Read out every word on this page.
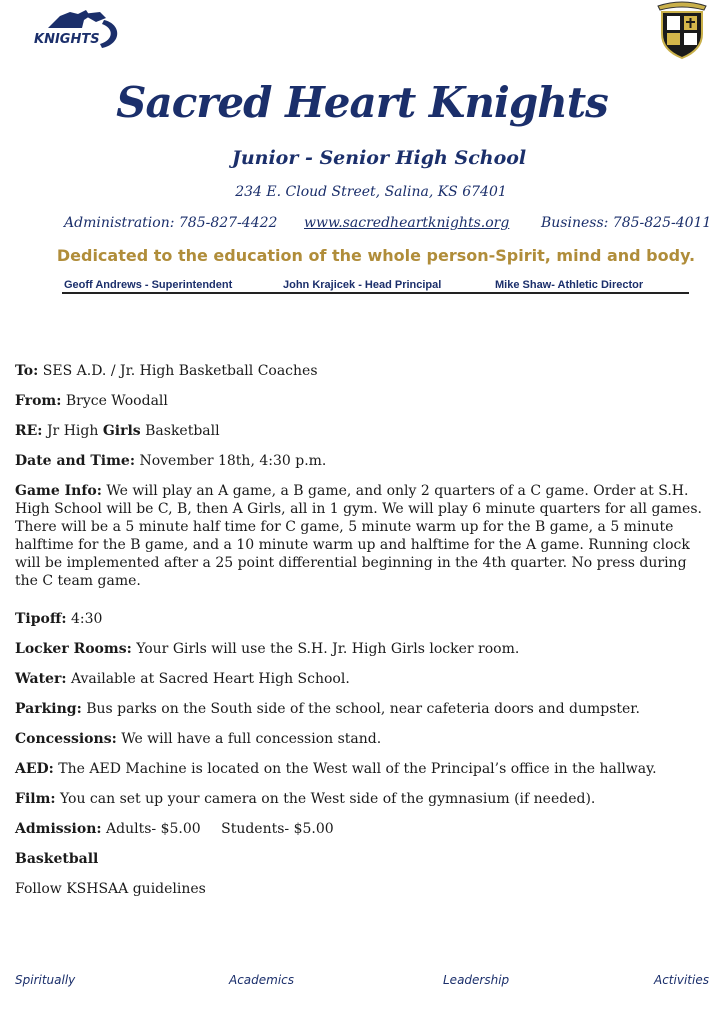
KNIGHTS
Sacred Heart Knights
Junior - Senior High School
234 E. Cloud Street, Salina, KS 67401
Administration: 785-827-4422 www.sacredheartknights.org Business: 785-825-4011
Dedicated to the education of the whole person-Spirit, mind and body.
Geoff Andrews - Superintendent	John Krajicek - Head Principal	Mike Shaw- Athletic Director
To: SES A.D. / Jr. High Basketball Coaches
From: Bryce Woodall
RE: Jr High Girls Basketball
Date and Time: November 18th, 4:30 p.m.
Game Info: We will play an A game, a B game, and only 2 quarters of a C game. Order at S.H. High School will be C, B, then A Girls, all in 1 gym. We will play 6 minute quarters for all games. There will be a 5 minute half time for C game, 5 minute warm up for the B game, a 5 minute halftime for the B game, and a 10 minute warm up and halftime for the A game. Running clock will be implemented after a 25 point differential beginning in the 4th quarter. No press during the C team game.
Tipoff: 4:30
Locker Rooms: Your Girls will use the S.H. Jr. High Girls locker room.
Water: Available at Sacred Heart High School.
Parking: Bus parks on the South side of the school, near cafeteria doors and dumpster.
Concessions: We will have a full concession stand.
AED: The AED Machine is located on the West wall of the Principal’s office in the hallway.
Film: You can set up your camera on the West side of the gymnasium (if needed).
Admission: Adults- $5.00 Students- $5.00
Basketball
Follow KSHSAA guidelines
Spiritually	Academics	Leadership	Activities
